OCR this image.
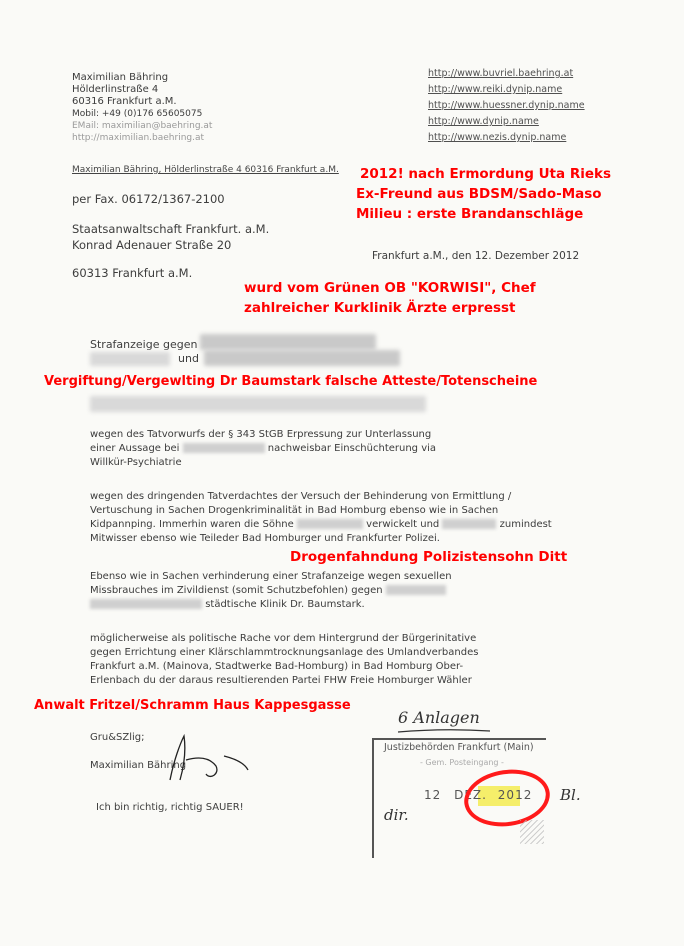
Maximilian Bähring
Hölderlinstraße 4
60316 Frankfurt a.M.
Mobil: +49 (0)176 65605075
EMail: maximilian@baehring.at
http://maximilian.baehring.at
http://www.buvriel.baehring.at
http://www.reiki.dynip.name
http://www.huessner.dynip.name
http://www.dynip.name
http://www.nezis.dynip.name
Maximilian Bähring, Hölderlinstraße 4 60316 Frankfurt a.M.
per Fax. 06172/1367-2100
Staatsanwaltschaft Frankfurt. a.M.
Konrad Adenauer Straße 20
60313 Frankfurt a.M.
Frankfurt a.M., den 12. Dezember 2012
2012! nach Ermordung Uta Rieks
Ex-Freund aus BDSM/Sado-Maso
Milieu : erste Brandanschläge
wurd vom Grünen OB "KORWISI", Chef
zahlreicher Kurklinik Ärzte erpresst
Strafanzeige gegen
und
Vergiftung/Vergewlting Dr Baumstark falsche Atteste/Totenscheine
wegen des Tatvorwurfs der § 343 StGB Erpressung zur Unterlassung
einer Aussage bei	nachweisbar Einschüchterung via
Willkür-Psychiatrie
wegen des dringenden Tatverdachtes der Versuch der Behinderung von Ermittlung /
Vertuschung in Sachen Drogenkriminalität in Bad Homburg ebenso wie in Sachen
Kidpannping. Immerhin waren die Söhne	verwickelt und	zumindest
Mitwisser ebenso wie Teileder Bad Homburger und Frankfurter Polizei.
Drogenfahndung Polizistensohn Ditt
Ebenso wie in Sachen verhinderung einer Strafanzeige wegen sexuellen
Missbrauches im Zivildienst (somit Schutzbefohlen) gegen
städtische Klinik Dr. Baumstark.
möglicherweise als politische Rache vor dem Hintergrund der Bürgerinitative
gegen Errichtung einer Klärschlammtrocknungsanlage des Umlandverbandes
Frankfurt a.M. (Mainova, Stadtwerke Bad-Homburg) in Bad Homburg Ober-
Erlenbach du der daraus resultierenden Partei FHW Freie Homburger Wähler
Anwalt Fritzel/Schramm Haus Kappesgasse
6 Anlagen
Gru&SZlig;
Maximilian Bähring
Ich bin richtig, richtig SAUER!
Justizbehörden Frankfurt (Main)
- Gem. Posteingang -
12 DEZ. 2012
dir.
Bl.
